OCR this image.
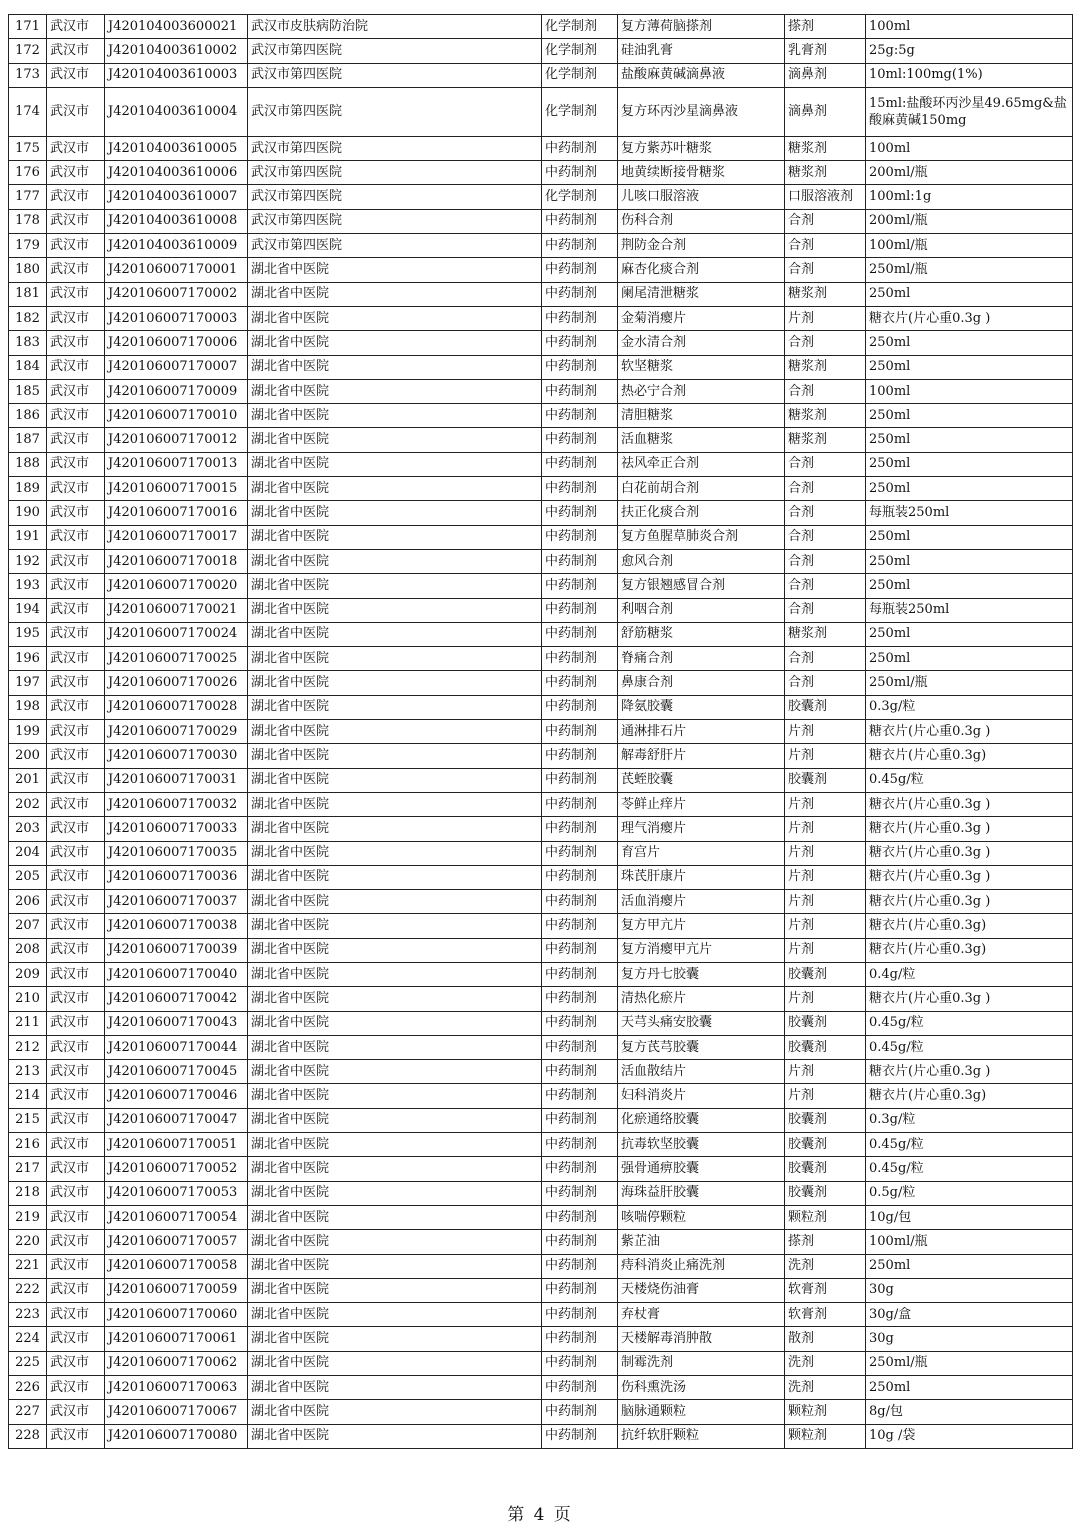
171	武汉市	J420104003600021	武汉市皮肤病防治院	化学制剂	复方薄荷脑搽剂	搽剂	100ml
172	武汉市	J420104003610002	武汉市第四医院	化学制剂	硅油乳膏	乳膏剂	25g:5g
173	武汉市	J420104003610003	武汉市第四医院	化学制剂	盐酸麻黄碱滴鼻液	滴鼻剂	10ml:100mg(1%)
174	武汉市	J420104003610004	武汉市第四医院	化学制剂	复方环丙沙星滴鼻液	滴鼻剂	15ml:盐酸环丙沙星49.65mg&盐酸麻黄碱150mg
175	武汉市	J420104003610005	武汉市第四医院	中药制剂	复方紫苏叶糖浆	糖浆剂	100ml
176	武汉市	J420104003610006	武汉市第四医院	中药制剂	地黄续断接骨糖浆	糖浆剂	200ml/瓶
177	武汉市	J420104003610007	武汉市第四医院	化学制剂	儿咳口服溶液	口服溶液剂	100ml:1g
178	武汉市	J420104003610008	武汉市第四医院	中药制剂	伤科合剂	合剂	200ml/瓶
179	武汉市	J420104003610009	武汉市第四医院	中药制剂	荆防金合剂	合剂	100ml/瓶
180	武汉市	J420106007170001	湖北省中医院	中药制剂	麻杏化痰合剂	合剂	250ml/瓶
181	武汉市	J420106007170002	湖北省中医院	中药制剂	阑尾清泄糖浆	糖浆剂	250ml
182	武汉市	J420106007170003	湖北省中医院	中药制剂	金菊消瘿片	片剂	糖衣片(片心重0.3g )
183	武汉市	J420106007170006	湖北省中医院	中药制剂	金水清合剂	合剂	250ml
184	武汉市	J420106007170007	湖北省中医院	中药制剂	软坚糖浆	糖浆剂	250ml
185	武汉市	J420106007170009	湖北省中医院	中药制剂	热必宁合剂	合剂	100ml
186	武汉市	J420106007170010	湖北省中医院	中药制剂	清胆糖浆	糖浆剂	250ml
187	武汉市	J420106007170012	湖北省中医院	中药制剂	活血糖浆	糖浆剂	250ml
188	武汉市	J420106007170013	湖北省中医院	中药制剂	祛风牵正合剂	合剂	250ml
189	武汉市	J420106007170015	湖北省中医院	中药制剂	白花前胡合剂	合剂	250ml
190	武汉市	J420106007170016	湖北省中医院	中药制剂	扶正化痰合剂	合剂	每瓶装250ml
191	武汉市	J420106007170017	湖北省中医院	中药制剂	复方鱼腥草肺炎合剂	合剂	250ml
192	武汉市	J420106007170018	湖北省中医院	中药制剂	愈风合剂	合剂	250ml
193	武汉市	J420106007170020	湖北省中医院	中药制剂	复方银翘感冒合剂	合剂	250ml
194	武汉市	J420106007170021	湖北省中医院	中药制剂	利咽合剂	合剂	每瓶装250ml
195	武汉市	J420106007170024	湖北省中医院	中药制剂	舒筋糖浆	糖浆剂	250ml
196	武汉市	J420106007170025	湖北省中医院	中药制剂	脊痛合剂	合剂	250ml
197	武汉市	J420106007170026	湖北省中医院	中药制剂	鼻康合剂	合剂	250ml/瓶
198	武汉市	J420106007170028	湖北省中医院	中药制剂	降氨胶囊	胶囊剂	0.3g/粒
199	武汉市	J420106007170029	湖北省中医院	中药制剂	通淋排石片	片剂	糖衣片(片心重0.3g )
200	武汉市	J420106007170030	湖北省中医院	中药制剂	解毒舒肝片	片剂	糖衣片(片心重0.3g)
201	武汉市	J420106007170031	湖北省中医院	中药制剂	芪蛭胶囊	胶囊剂	0.45g/粒
202	武汉市	J420106007170032	湖北省中医院	中药制剂	苓鲜止痒片	片剂	糖衣片(片心重0.3g )
203	武汉市	J420106007170033	湖北省中医院	中药制剂	理气消瘿片	片剂	糖衣片(片心重0.3g )
204	武汉市	J420106007170035	湖北省中医院	中药制剂	育宫片	片剂	糖衣片(片心重0.3g )
205	武汉市	J420106007170036	湖北省中医院	中药制剂	珠芪肝康片	片剂	糖衣片(片心重0.3g )
206	武汉市	J420106007170037	湖北省中医院	中药制剂	活血消瘿片	片剂	糖衣片(片心重0.3g )
207	武汉市	J420106007170038	湖北省中医院	中药制剂	复方甲亢片	片剂	糖衣片(片心重0.3g)
208	武汉市	J420106007170039	湖北省中医院	中药制剂	复方消瘿甲亢片	片剂	糖衣片(片心重0.3g)
209	武汉市	J420106007170040	湖北省中医院	中药制剂	复方丹七胶囊	胶囊剂	0.4g/粒
210	武汉市	J420106007170042	湖北省中医院	中药制剂	清热化瘀片	片剂	糖衣片(片心重0.3g )
211	武汉市	J420106007170043	湖北省中医院	中药制剂	天芎头痛安胶囊	胶囊剂	0.45g/粒
212	武汉市	J420106007170044	湖北省中医院	中药制剂	复方芪芎胶囊	胶囊剂	0.45g/粒
213	武汉市	J420106007170045	湖北省中医院	中药制剂	活血散结片	片剂	糖衣片(片心重0.3g )
214	武汉市	J420106007170046	湖北省中医院	中药制剂	妇科消炎片	片剂	糖衣片(片心重0.3g)
215	武汉市	J420106007170047	湖北省中医院	中药制剂	化瘀通络胶囊	胶囊剂	0.3g/粒
216	武汉市	J420106007170051	湖北省中医院	中药制剂	抗毒软坚胶囊	胶囊剂	0.45g/粒
217	武汉市	J420106007170052	湖北省中医院	中药制剂	强骨通痹胶囊	胶囊剂	0.45g/粒
218	武汉市	J420106007170053	湖北省中医院	中药制剂	海珠益肝胶囊	胶囊剂	0.5g/粒
219	武汉市	J420106007170054	湖北省中医院	中药制剂	咳喘停颗粒	颗粒剂	10g/包
220	武汉市	J420106007170057	湖北省中医院	中药制剂	紫芷油	搽剂	100ml/瓶
221	武汉市	J420106007170058	湖北省中医院	中药制剂	痔科消炎止痛洗剂	洗剂	250ml
222	武汉市	J420106007170059	湖北省中医院	中药制剂	天楼烧伤油膏	软膏剂	30g
223	武汉市	J420106007170060	湖北省中医院	中药制剂	弃杖膏	软膏剂	30g/盒
224	武汉市	J420106007170061	湖北省中医院	中药制剂	天楼解毒消肿散	散剂	30g
225	武汉市	J420106007170062	湖北省中医院	中药制剂	制霉洗剂	洗剂	250ml/瓶
226	武汉市	J420106007170063	湖北省中医院	中药制剂	伤科熏洗汤	洗剂	250ml
227	武汉市	J420106007170067	湖北省中医院	中药制剂	脑脉通颗粒	颗粒剂	8g/包
228	武汉市	J420106007170080	湖北省中医院	中药制剂	抗纤软肝颗粒	颗粒剂	10g /袋
第 4 页
